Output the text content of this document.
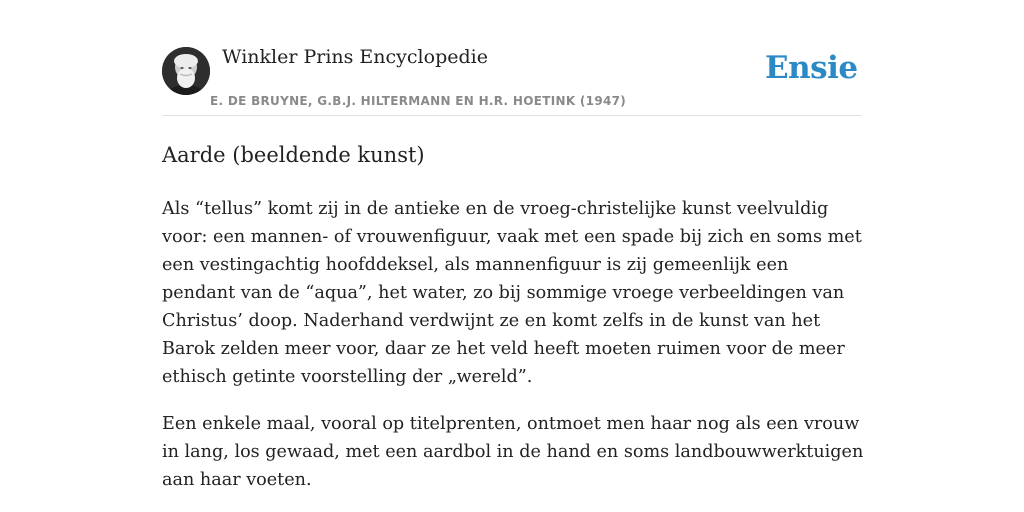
Winkler Prins Encyclopedie
E. DE BRUYNE, G.B.J. HILTERMANN EN H.R. HOETINK (1947)
Ensie
Aarde (beeldende kunst)

Als “tellus” komt zij in de antieke en de vroeg-christelijke kunst veelvuldig voor: een mannen- of vrouwenfiguur, vaak met een spade bij zich en soms met een vestingachtig hoofddeksel, als mannenfiguur is zij gemeenlijk een pendant van de “aqua”, het water, zo bij sommige vroege verbeeldingen van Christus’ doop. Naderhand verdwijnt ze en komt zelfs in de kunst van het Barok zelden meer voor, daar ze het veld heeft moeten ruimen voor de meer ethisch getinte voorstelling der „wereld”.

Een enkele maal, vooral op titelprenten, ontmoet men haar nog als een vrouw in lang, los gewaad, met een aardbol in de hand en soms landbouwwerktuigen aan haar voeten.
